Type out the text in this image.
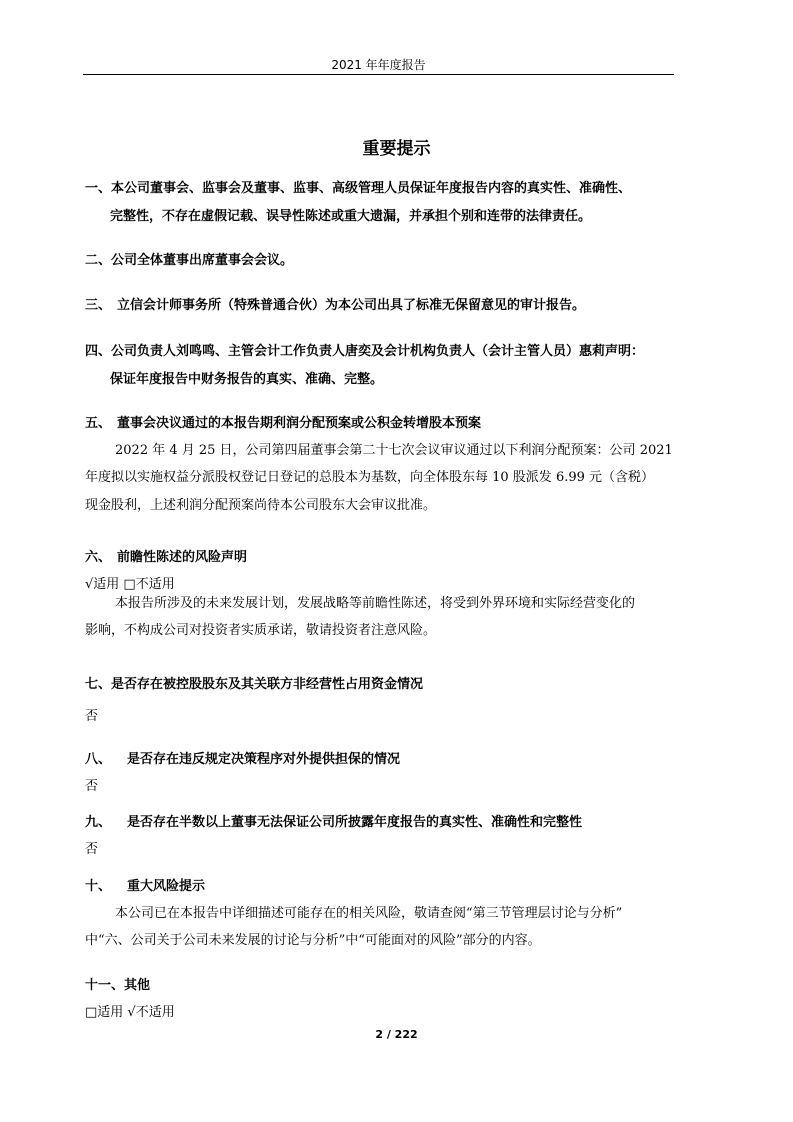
2021 年年度报告
重要提示
一、本公司董事会、监事会及董事、监事、高级管理人员保证年度报告内容的真实性、准确性、
完整性，不存在虚假记载、误导性陈述或重大遗漏，并承担个别和连带的法律责任。
二、公司全体董事出席董事会会议。
三、 立信会计师事务所（特殊普通合伙）为本公司出具了标准无保留意见的审计报告。
四、公司负责人刘鸣鸣、主管会计工作负责人唐奕及会计机构负责人（会计主管人员）惠莉声明：
保证年度报告中财务报告的真实、准确、完整。
五、 董事会决议通过的本报告期利润分配预案或公积金转增股本预案
2022 年 4 月 25 日，公司第四届董事会第二十七次会议审议通过以下利润分配预案：公司 2021
年度拟以实施权益分派股权登记日登记的总股本为基数，向全体股东每 10 股派发 6.99 元（含税）
现金股利，上述利润分配预案尚待本公司股东大会审议批准。
六、 前瞻性陈述的风险声明
√适用 □不适用
本报告所涉及的未来发展计划，发展战略等前瞻性陈述，将受到外界环境和实际经营变化的
影响，不构成公司对投资者实质承诺，敬请投资者注意风险。
七、是否存在被控股股东及其关联方非经营性占用资金情况
否
八、 是否存在违反规定决策程序对外提供担保的情况
否
九、 是否存在半数以上董事无法保证公司所披露年度报告的真实性、准确性和完整性
否
十、 重大风险提示
本公司已在本报告中详细描述可能存在的相关风险，敬请查阅“第三节管理层讨论与分析”
中“六、公司关于公司未来发展的讨论与分析”中“可能面对的风险”部分的内容。
十一、其他
□适用 √不适用
2 / 222
